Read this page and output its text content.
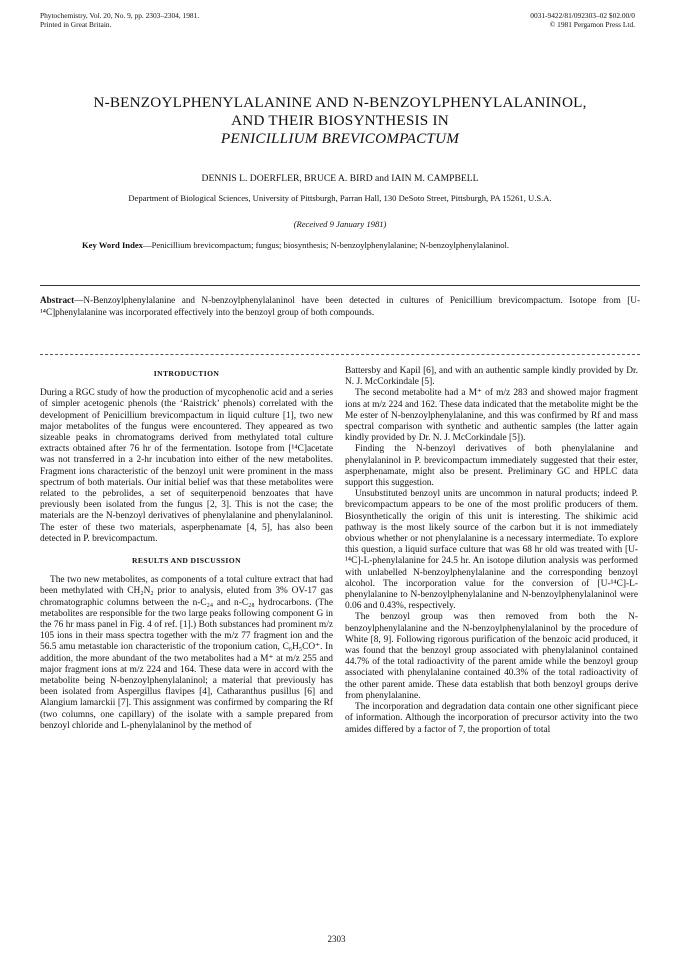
Phytochemistry, Vol. 20, No. 9, pp. 2303–2304, 1981.
Printed in Great Britain.
0031-9422/81/092303–02 $02.00/0
© 1981 Pergamon Press Ltd.
N-BENZOYLPHENYLALANINE AND N-BENZOYLPHENYLALANINOL,
AND THEIR BIOSYNTHESIS IN
PENICILLIUM BREVICOMPACTUM
DENNIS L. DOERFLER, BRUCE A. BIRD and IAIN M. CAMPBELL
Department of Biological Sciences, University of Pittsburgh, Parran Hall, 130 DeSoto Street, Pittsburgh, PA 15261, U.S.A.
(Received 9 January 1981)
Key Word Index—Penicillium brevicompactum; fungus; biosynthesis; N-benzoylphenylalanine; N-benzoylphenylalaninol.
Abstract—N-Benzoylphenylalanine and N-benzoylphenylalaninol have been detected in cultures of Penicillium brevicompactum. Isotope from [U-¹⁴C]phenylalanine was incorporated effectively into the benzoyl group of both compounds.
INTRODUCTION

During a RGC study of how the production of mycophenolic acid and a series of simpler acetogenic phenols (the ‘Raistrick’ phenols) correlated with the development of Penicillium brevicompactum in liquid culture [1], two new major metabolites of the fungus were encountered. They appeared as two sizeable peaks in chromatograms derived from methylated total culture extracts obtained after 76 hr of the fermentation. Isotope from [¹⁴C]acetate was not transferred in a 2-hr incubation into either of the new metabolites. Fragment ions characteristic of the benzoyl unit were prominent in the mass spectrum of both materials. Our initial belief was that these metabolites were related to the pebrolides, a set of sequiterpenoid benzoates that have previously been isolated from the fungus [2, 3]. This is not the case; the materials are the N-benzoyl derivatives of phenylalanine and phenylalaninol. The ester of these two materials, asperphenamate [4, 5], has also been detected in P. brevicompactum.

RESULTS AND DISCUSSION

The two new metabolites, as components of a total culture extract that had been methylated with CH₂N₂ prior to analysis, eluted from 3% OV-17 gas chromatographic columns between the n-C₂₄ and n-C₂₈ hydrocarbons. (The metabolites are responsible for the two large peaks following component G in the 76 hr mass panel in Fig. 4 of ref. [1].) Both substances had prominent m/z 105 ions in their mass spectra together with the m/z 77 fragment ion and the 56.5 amu metastable ion characteristic of the troponium cation, C₆H₅CO⁺. In addition, the more abundant of the two metabolites had a M⁺ at m/z 255 and major fragment ions at m/z 224 and 164. These data were in accord with the metabolite being N-benzoylphenylalaninol; a material that previously has been isolated from Aspergillus flavipes [4], Catharanthus pusillus [6] and Alangium lamarckii [7]. This assignment was confirmed by comparing the Rf (two columns, one capillary) of the isolate with a sample prepared from benzoyl chloride and L-phenylalaninol by the method of

Battersby and Kapil [6], and with an authentic sample kindly provided by Dr. N. J. McCorkindale [5].

The second metabolite had a M⁺ of m/z 283 and showed major fragment ions at m/z 224 and 162. These data indicated that the metabolite might be the Me ester of N-benzoylphenylalanine, and this was confirmed by Rf and mass spectral comparison with synthetic and authentic samples (the latter again kindly provided by Dr. N. J. McCorkindale [5]).

Finding the N-benzoyl derivatives of both phenylalanine and phenylalaninol in P. brevicompactum immediately suggested that their ester, asperphenamate, might also be present. Preliminary GC and HPLC data support this suggestion.

Unsubstituted benzoyl units are uncommon in natural products; indeed P. brevicompactum appears to be one of the most prolific producers of them. Biosynthetically the origin of this unit is interesting. The shikimic acid pathway is the most likely source of the carbon but it is not immediately obvious whether or not phenylalanine is a necessary intermediate. To explore this question, a liquid surface culture that was 68 hr old was treated with [U-¹⁴C]-L-phenylalanine for 24.5 hr. An isotope dilution analysis was performed with unlabelled N-benzoylphenylalanine and the corresponding benzoyl alcohol. The incorporation value for the conversion of [U-¹⁴C]-L-phenylalanine to N-benzoylphenylalanine and N-benzoylphenylalaninol were 0.06 and 0.43%, respectively.

The benzoyl group was then removed from both the N-benzoylphenylalanine and the N-benzoylphenylalaninol by the procedure of White [8, 9]. Following rigorous purification of the benzoic acid produced, it was found that the benzoyl group associated with phenylalaninol contained 44.7% of the total radioactivity of the parent amide while the benzoyl group associated with phenylalanine contained 40.3% of the total radioactivity of the other parent amide. These data establish that both benzoyl groups derive from phenylalanine.

The incorporation and degradation data contain one other significant piece of information. Although the incorporation of precursor activity into the two amides differed by a factor of 7, the proportion of total

2303
